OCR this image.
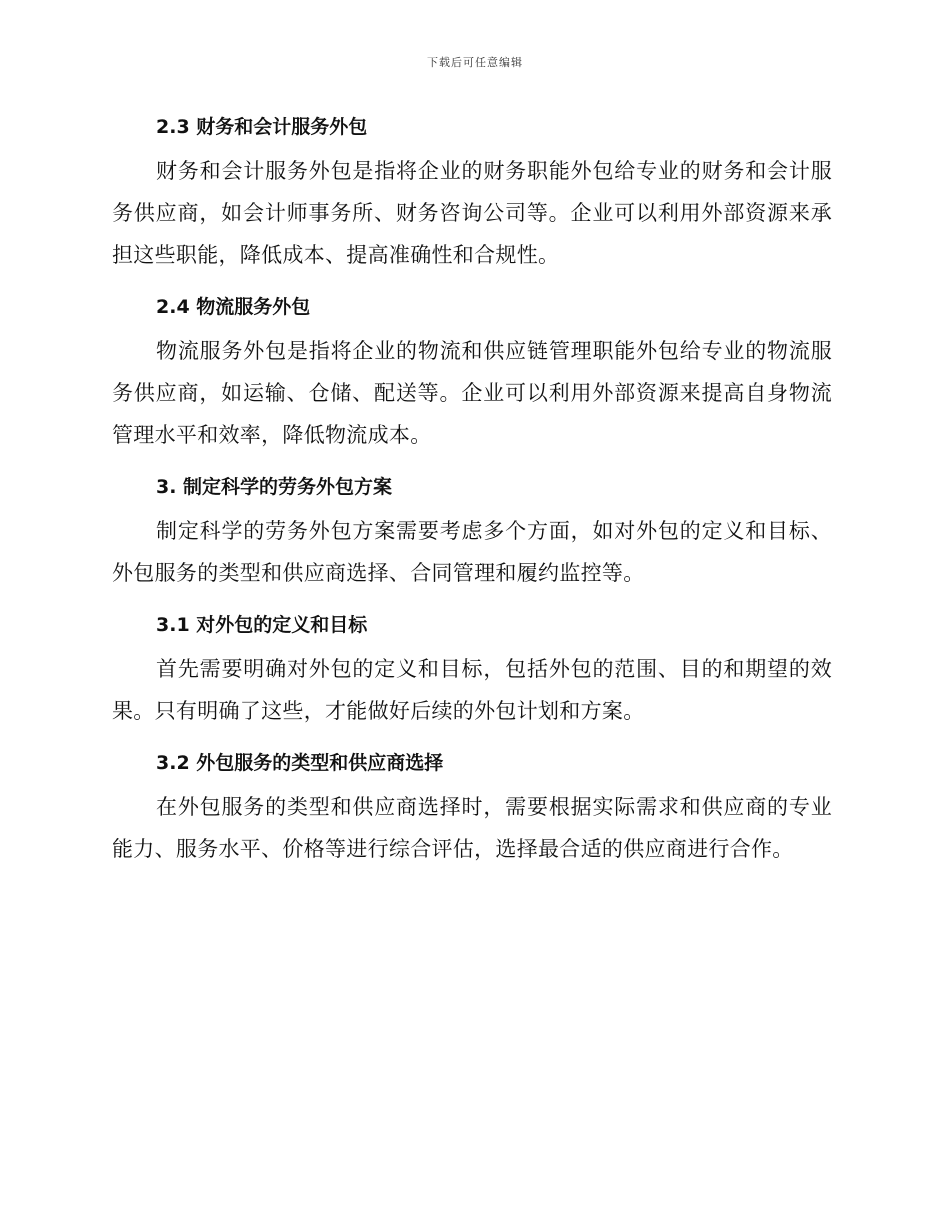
下载后可任意编辑
2.3 财务和会计服务外包

财务和会计服务外包是指将企业的财务职能外包给专业的财务和会计服务供应商，如会计师事务所、财务咨询公司等。企业可以利用外部资源来承担这些职能，降低成本、提高准确性和合规性。

2.4 物流服务外包

物流服务外包是指将企业的物流和供应链管理职能外包给专业的物流服务供应商，如运输、仓储、配送等。企业可以利用外部资源来提高自身物流管理水平和效率，降低物流成本。

3. 制定科学的劳务外包方案

制定科学的劳务外包方案需要考虑多个方面，如对外包的定义和目标、外包服务的类型和供应商选择、合同管理和履约监控等。

3.1 对外包的定义和目标

首先需要明确对外包的定义和目标，包括外包的范围、目的和期望的效果。只有明确了这些，才能做好后续的外包计划和方案。

3.2 外包服务的类型和供应商选择

在外包服务的类型和供应商选择时，需要根据实际需求和供应商的专业能力、服务水平、价格等进行综合评估，选择最合适的供应商进行合作。
